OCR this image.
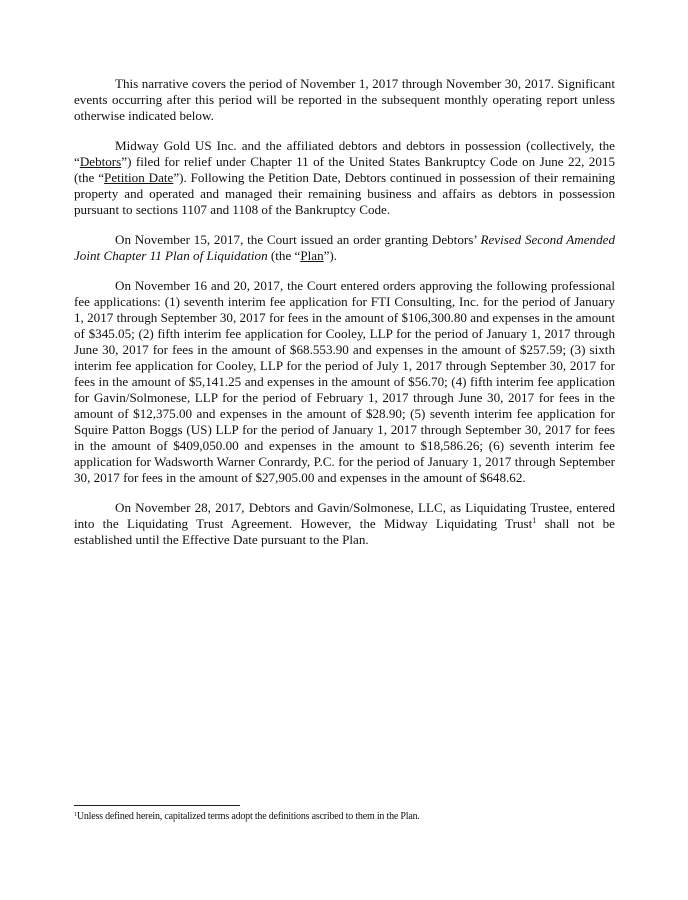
This narrative covers the period of November 1, 2017 through November 30, 2017. Significant events occurring after this period will be reported in the subsequent monthly operating report unless otherwise indicated below.

Midway Gold US Inc. and the affiliated debtors and debtors in possession (collectively, the “Debtors”) filed for relief under Chapter 11 of the United States Bankruptcy Code on June 22, 2015 (the “Petition Date”). Following the Petition Date, Debtors continued in possession of their remaining property and operated and managed their remaining business and affairs as debtors in possession pursuant to sections 1107 and 1108 of the Bankruptcy Code.

On November 15, 2017, the Court issued an order granting Debtors’ Revised Second Amended Joint Chapter 11 Plan of Liquidation (the “Plan”).

On November 16 and 20, 2017, the Court entered orders approving the following professional fee applications: (1) seventh interim fee application for FTI Consulting, Inc. for the period of January 1, 2017 through September 30, 2017 for fees in the amount of $106,300.80 and expenses in the amount of $345.05; (2) fifth interim fee application for Cooley, LLP for the period of January 1, 2017 through June 30, 2017 for fees in the amount of $68.553.90 and expenses in the amount of $257.59; (3) sixth interim fee application for Cooley, LLP for the period of July 1, 2017 through September 30, 2017 for fees in the amount of $5,141.25 and expenses in the amount of $56.70; (4) fifth interim fee application for Gavin/Solmonese, LLP for the period of February 1, 2017 through June 30, 2017 for fees in the amount of $12,375.00 and expenses in the amount of $28.90; (5) seventh interim fee application for Squire Patton Boggs (US) LLP for the period of January 1, 2017 through September 30, 2017 for fees in the amount of $409,050.00 and expenses in the amount to $18,586.26; (6) seventh interim fee application for Wadsworth Warner Conrardy, P.C. for the period of January 1, 2017 through September 30, 2017 for fees in the amount of $27,905.00 and expenses in the amount of $648.62.

On November 28, 2017, Debtors and Gavin/Solmonese, LLC, as Liquidating Trustee, entered into the Liquidating Trust Agreement. However, the Midway Liquidating Trust$^1$ shall not be established until the Effective Date pursuant to the Plan.

$^1$Unless defined herein, capitalized terms adopt the definitions ascribed to them in the Plan.
